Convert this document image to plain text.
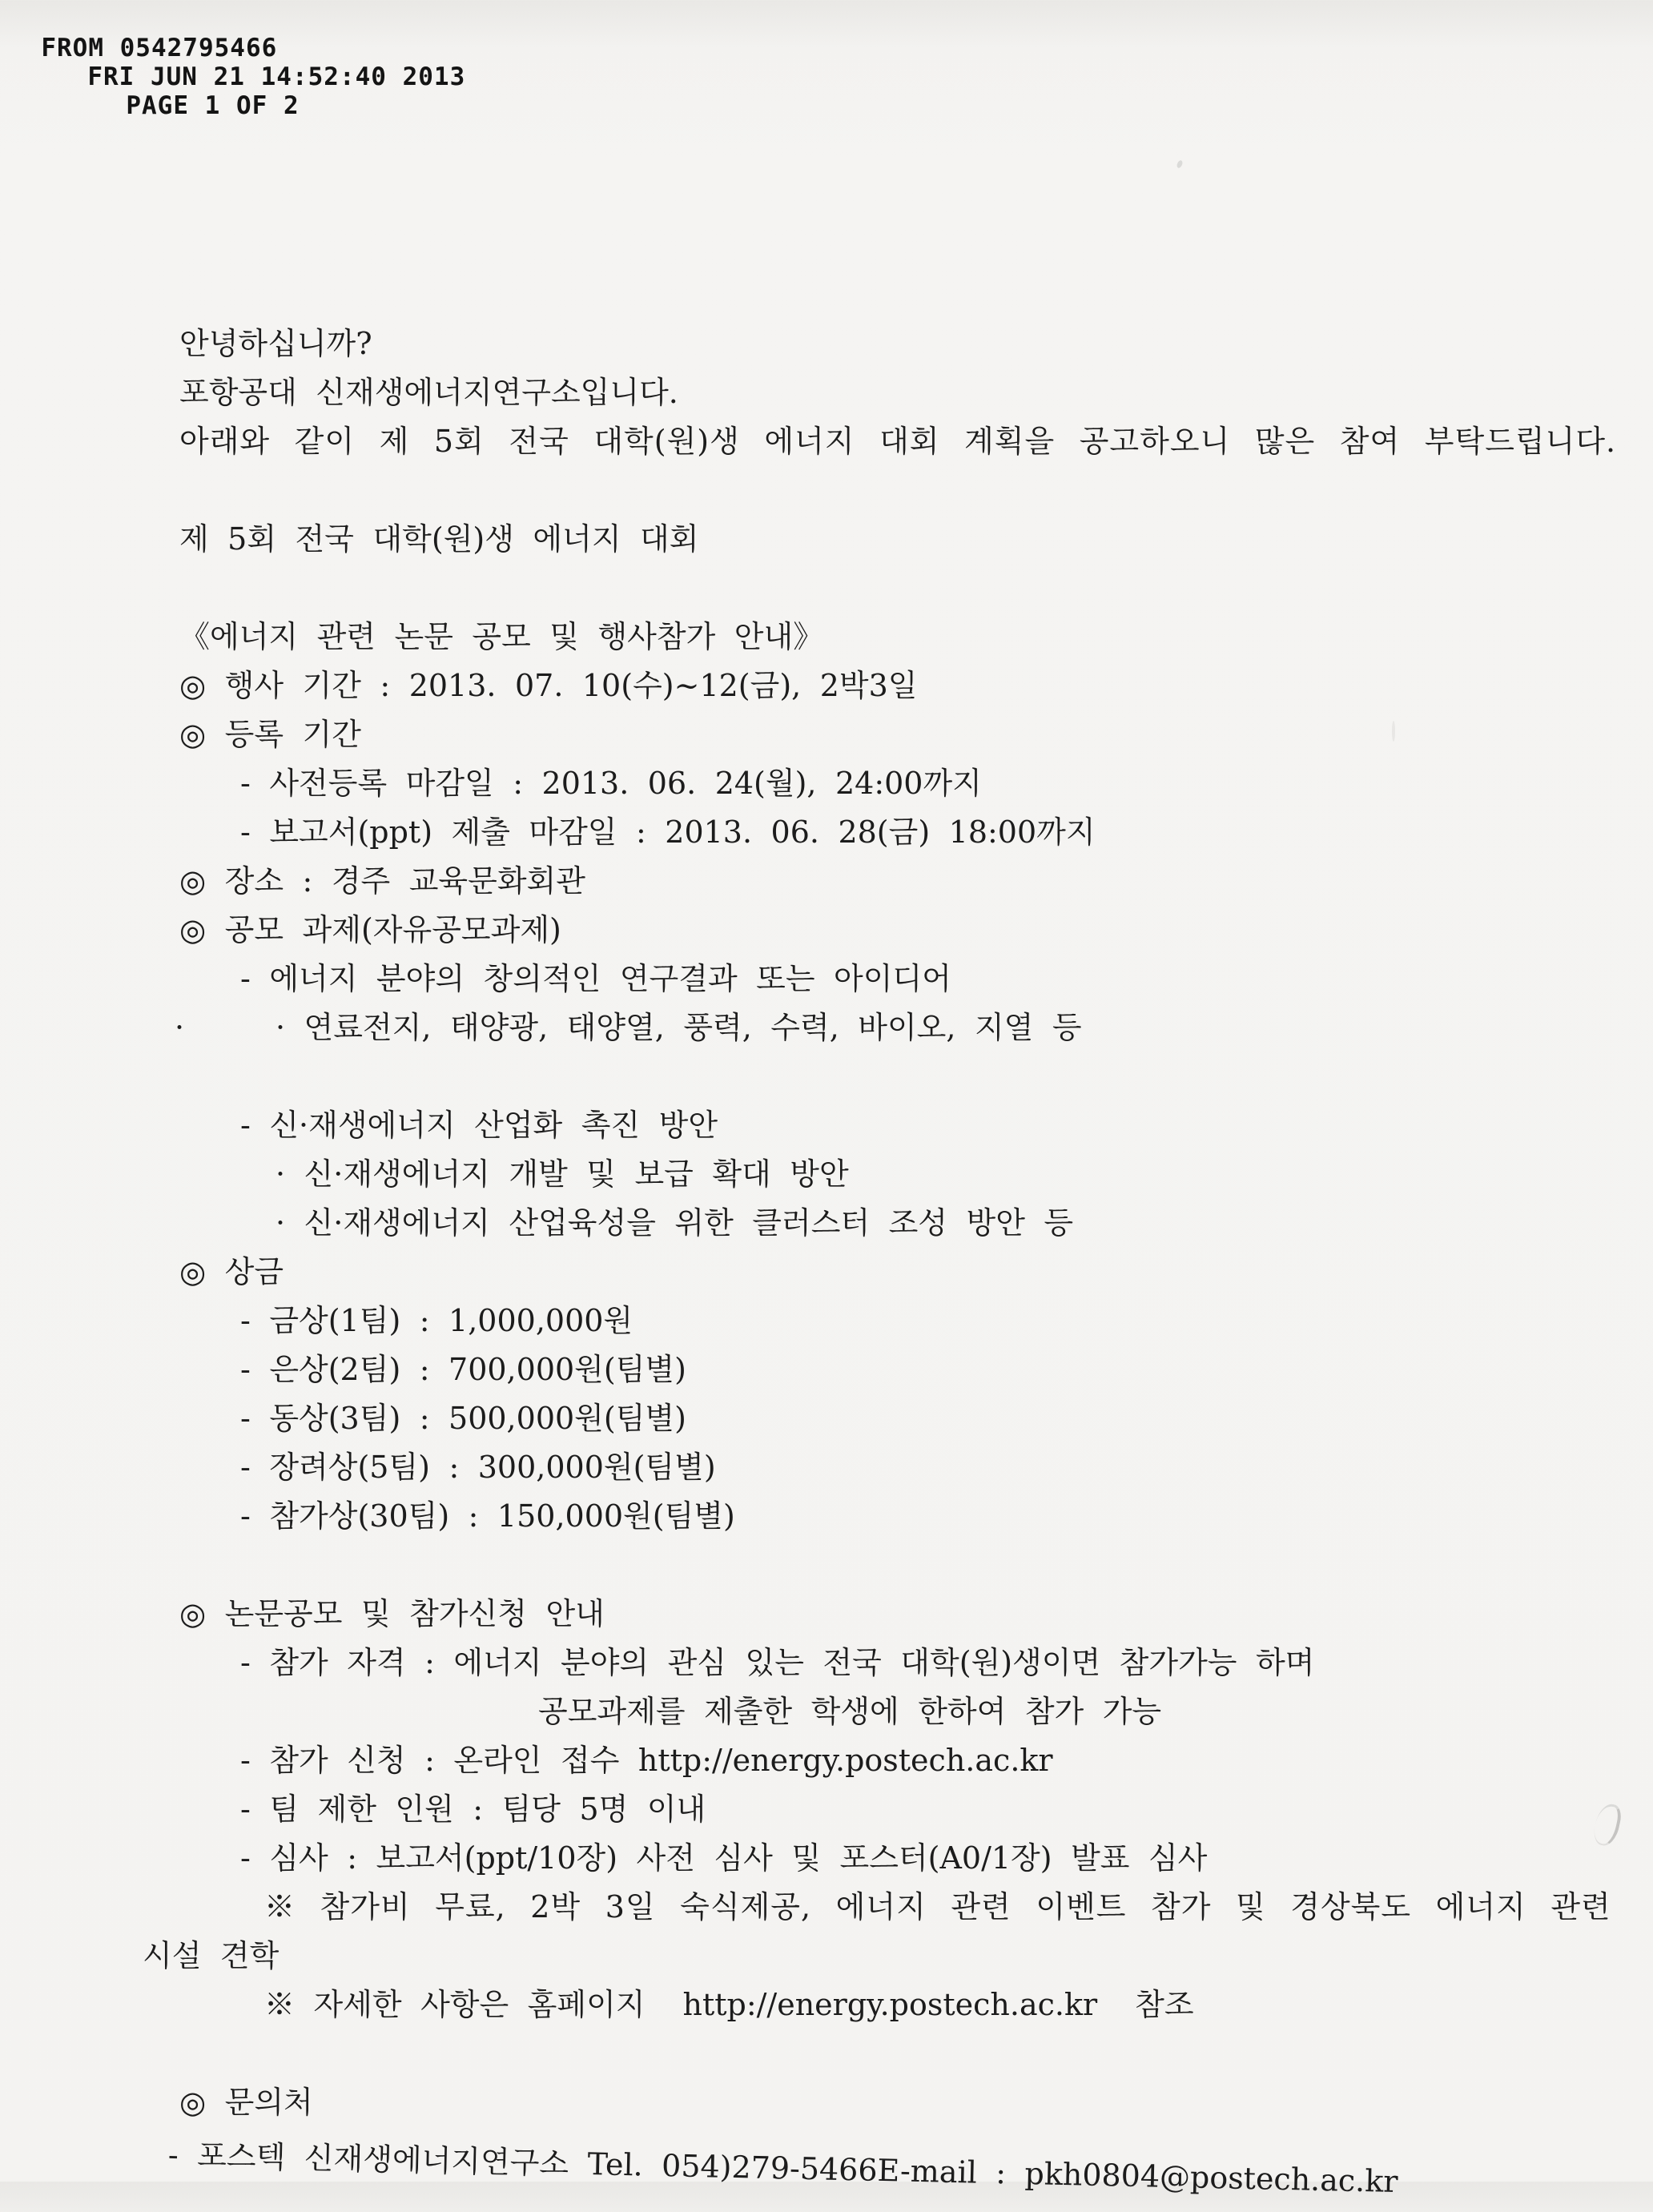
FROM 0542795466
FRI JUN 21 14:52:40 2013
PAGE 1 OF 2

안녕하십니까?
포항공대 신재생에너지연구소입니다.
아래와 같이 제 5회 전국 대학(원)생 에너지 대회 계획을 공고하오니 많은 참여 부탁드립니다.
제 5회 전국 대학(원)생 에너지 대회
《에너지 관련 논문 공모 및 행사참가 안내》
◎ 행사 기간 : 2013. 07. 10(수)~12(금), 2박3일
◎ 등록 기간
- 사전등록 마감일 : 2013. 06. 24(월), 24:00까지
- 보고서(ppt) 제출 마감일 : 2013. 06. 28(금) 18:00까지
◎ 장소 : 경주 교육문화회관
◎ 공모 과제(자유공모과제)
- 에너지 분야의 창의적인 연구결과 또는 아이디어
· 연료전지, 태양광, 태양열, 풍력, 수력, 바이오, 지열 등
·
- 신·재생에너지 산업화 촉진 방안
· 신·재생에너지 개발 및 보급 확대 방안
· 신·재생에너지 산업육성을 위한 클러스터 조성 방안 등
◎ 상금
- 금상(1팀) : 1,000,000원
- 은상(2팀) : 700,000원(팀별)
- 동상(3팀) : 500,000원(팀별)
- 장려상(5팀) : 300,000원(팀별)
- 참가상(30팀) : 150,000원(팀별)
◎ 논문공모 및 참가신청 안내
- 참가 자격 : 에너지 분야의 관심 있는 전국 대학(원)생이면 참가가능 하며
공모과제를 제출한 학생에 한하여 참가 가능
- 참가 신청 : 온라인 접수 http://energy.postech.ac.kr
- 팀 제한 인원 : 팀당 5명 이내
- 심사 : 보고서(ppt/10장) 사전 심사 및 포스터(A0/1장) 발표 심사
※ 참가비 무료, 2박 3일 숙식제공, 에너지 관련 이벤트 참가 및 경상북도 에너지 관련
시설 견학
※ 자세한 사항은 홈페이지  http://energy.postech.ac.kr  참조
◎ 문의처
- 포스텍 신재생에너지연구소 Tel. 054)279-5466E-mail : pkh0804@postech.ac.kr
